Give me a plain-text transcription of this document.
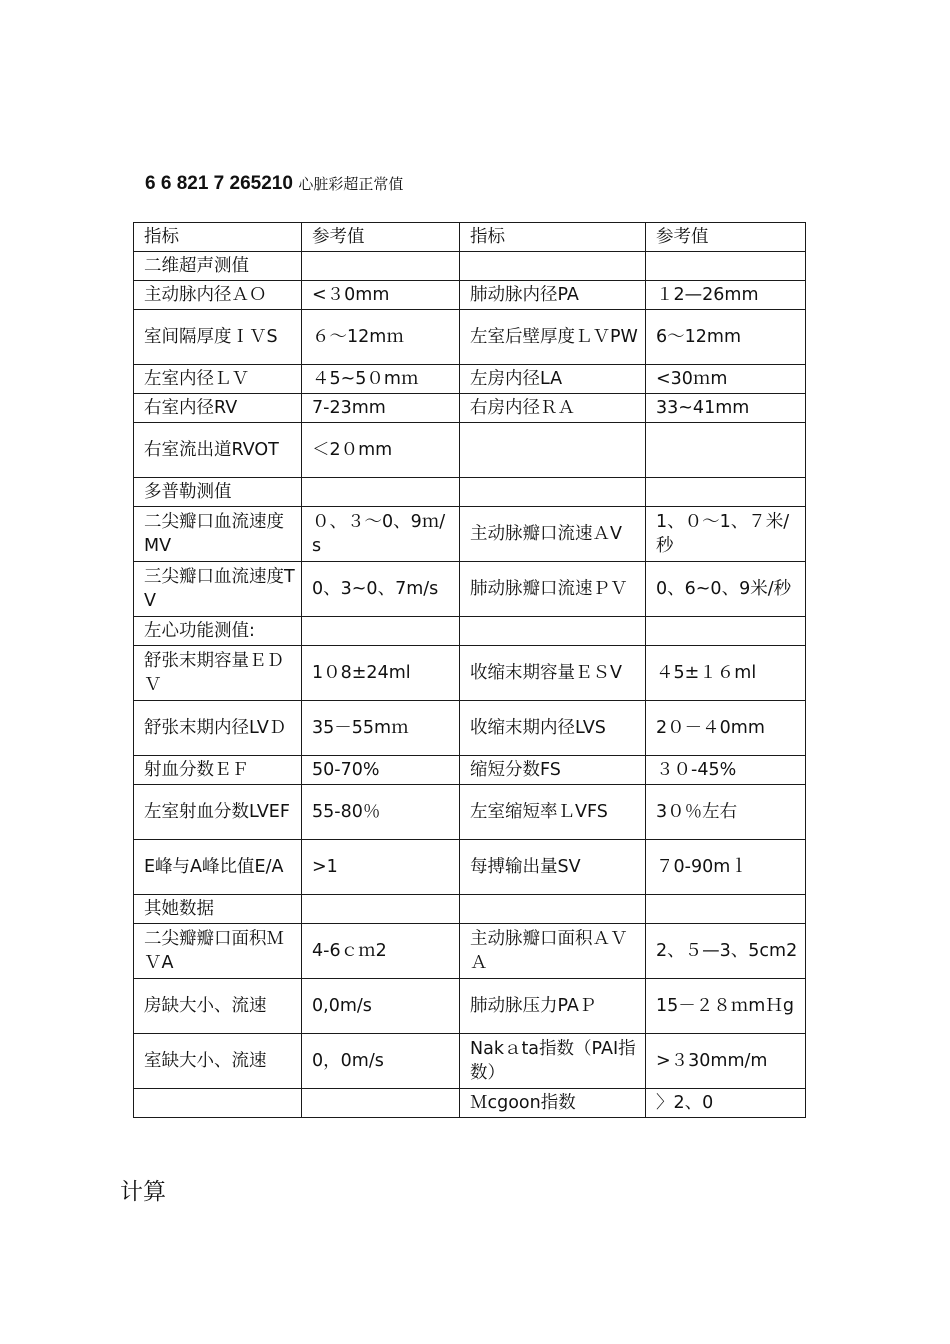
6 6 821 7 265210 心脏彩超正常值
指标	参考值	指标	参考值
二维超声测值			
主动脉内径ＡＯ	<３0mm	肺动脉内径PA	１2—26mm
室间隔厚度ＩＶS	６～12mｍ	左室后壁厚度ＬＶPW	6～12mm
左室内径ＬＶ	４5~5０mｍ	左房内径LA	<30ｍm
右室内径RV	7-23mm	右房内径ＲＡ	33~41mm
右室流出道RVOT	＜2０mm		
多普勒测值			
二尖瓣口血流速度MV	０、３～0、9ｍ/s	主动脉瓣口流速ＡV	1、０～1、７米/秒
三尖瓣口血流速度TV	0、3~0、7m/s	肺动脉瓣口流速ＰＶ	0、6~0、9米/秒
左心功能测值:			
舒张末期容量ＥＤＶ	1０8±24ml	收缩末期容量ＥＳV	４5±１６ml
舒张末期内径LVＤ	35－55mｍ	收缩末期内径LVS	2０－４0mm
射血分数ＥＦ	50-70%	缩短分数FS	３０-45%
左室射血分数LVEF	55-80％	左室缩短率ＬVFS	3０％左右
E峰与A峰比值E/A	>1	每搏输出量SV	７0-90mｌ
其她数据			
二尖瓣瓣口面积ＭＶA	4-6ｃｍ2	主动脉瓣口面积ＡＶＡ	2、５—3、5cm2
房缺大小、流速	0,0m/s	肺动脉压力PAＰ	15－２８ｍmＨg
室缺大小、流速	0，0m/s	Nakａta指数（PAI指数）	>３30mm/m
		Ｍcgoon指数	〉2、0
计算
